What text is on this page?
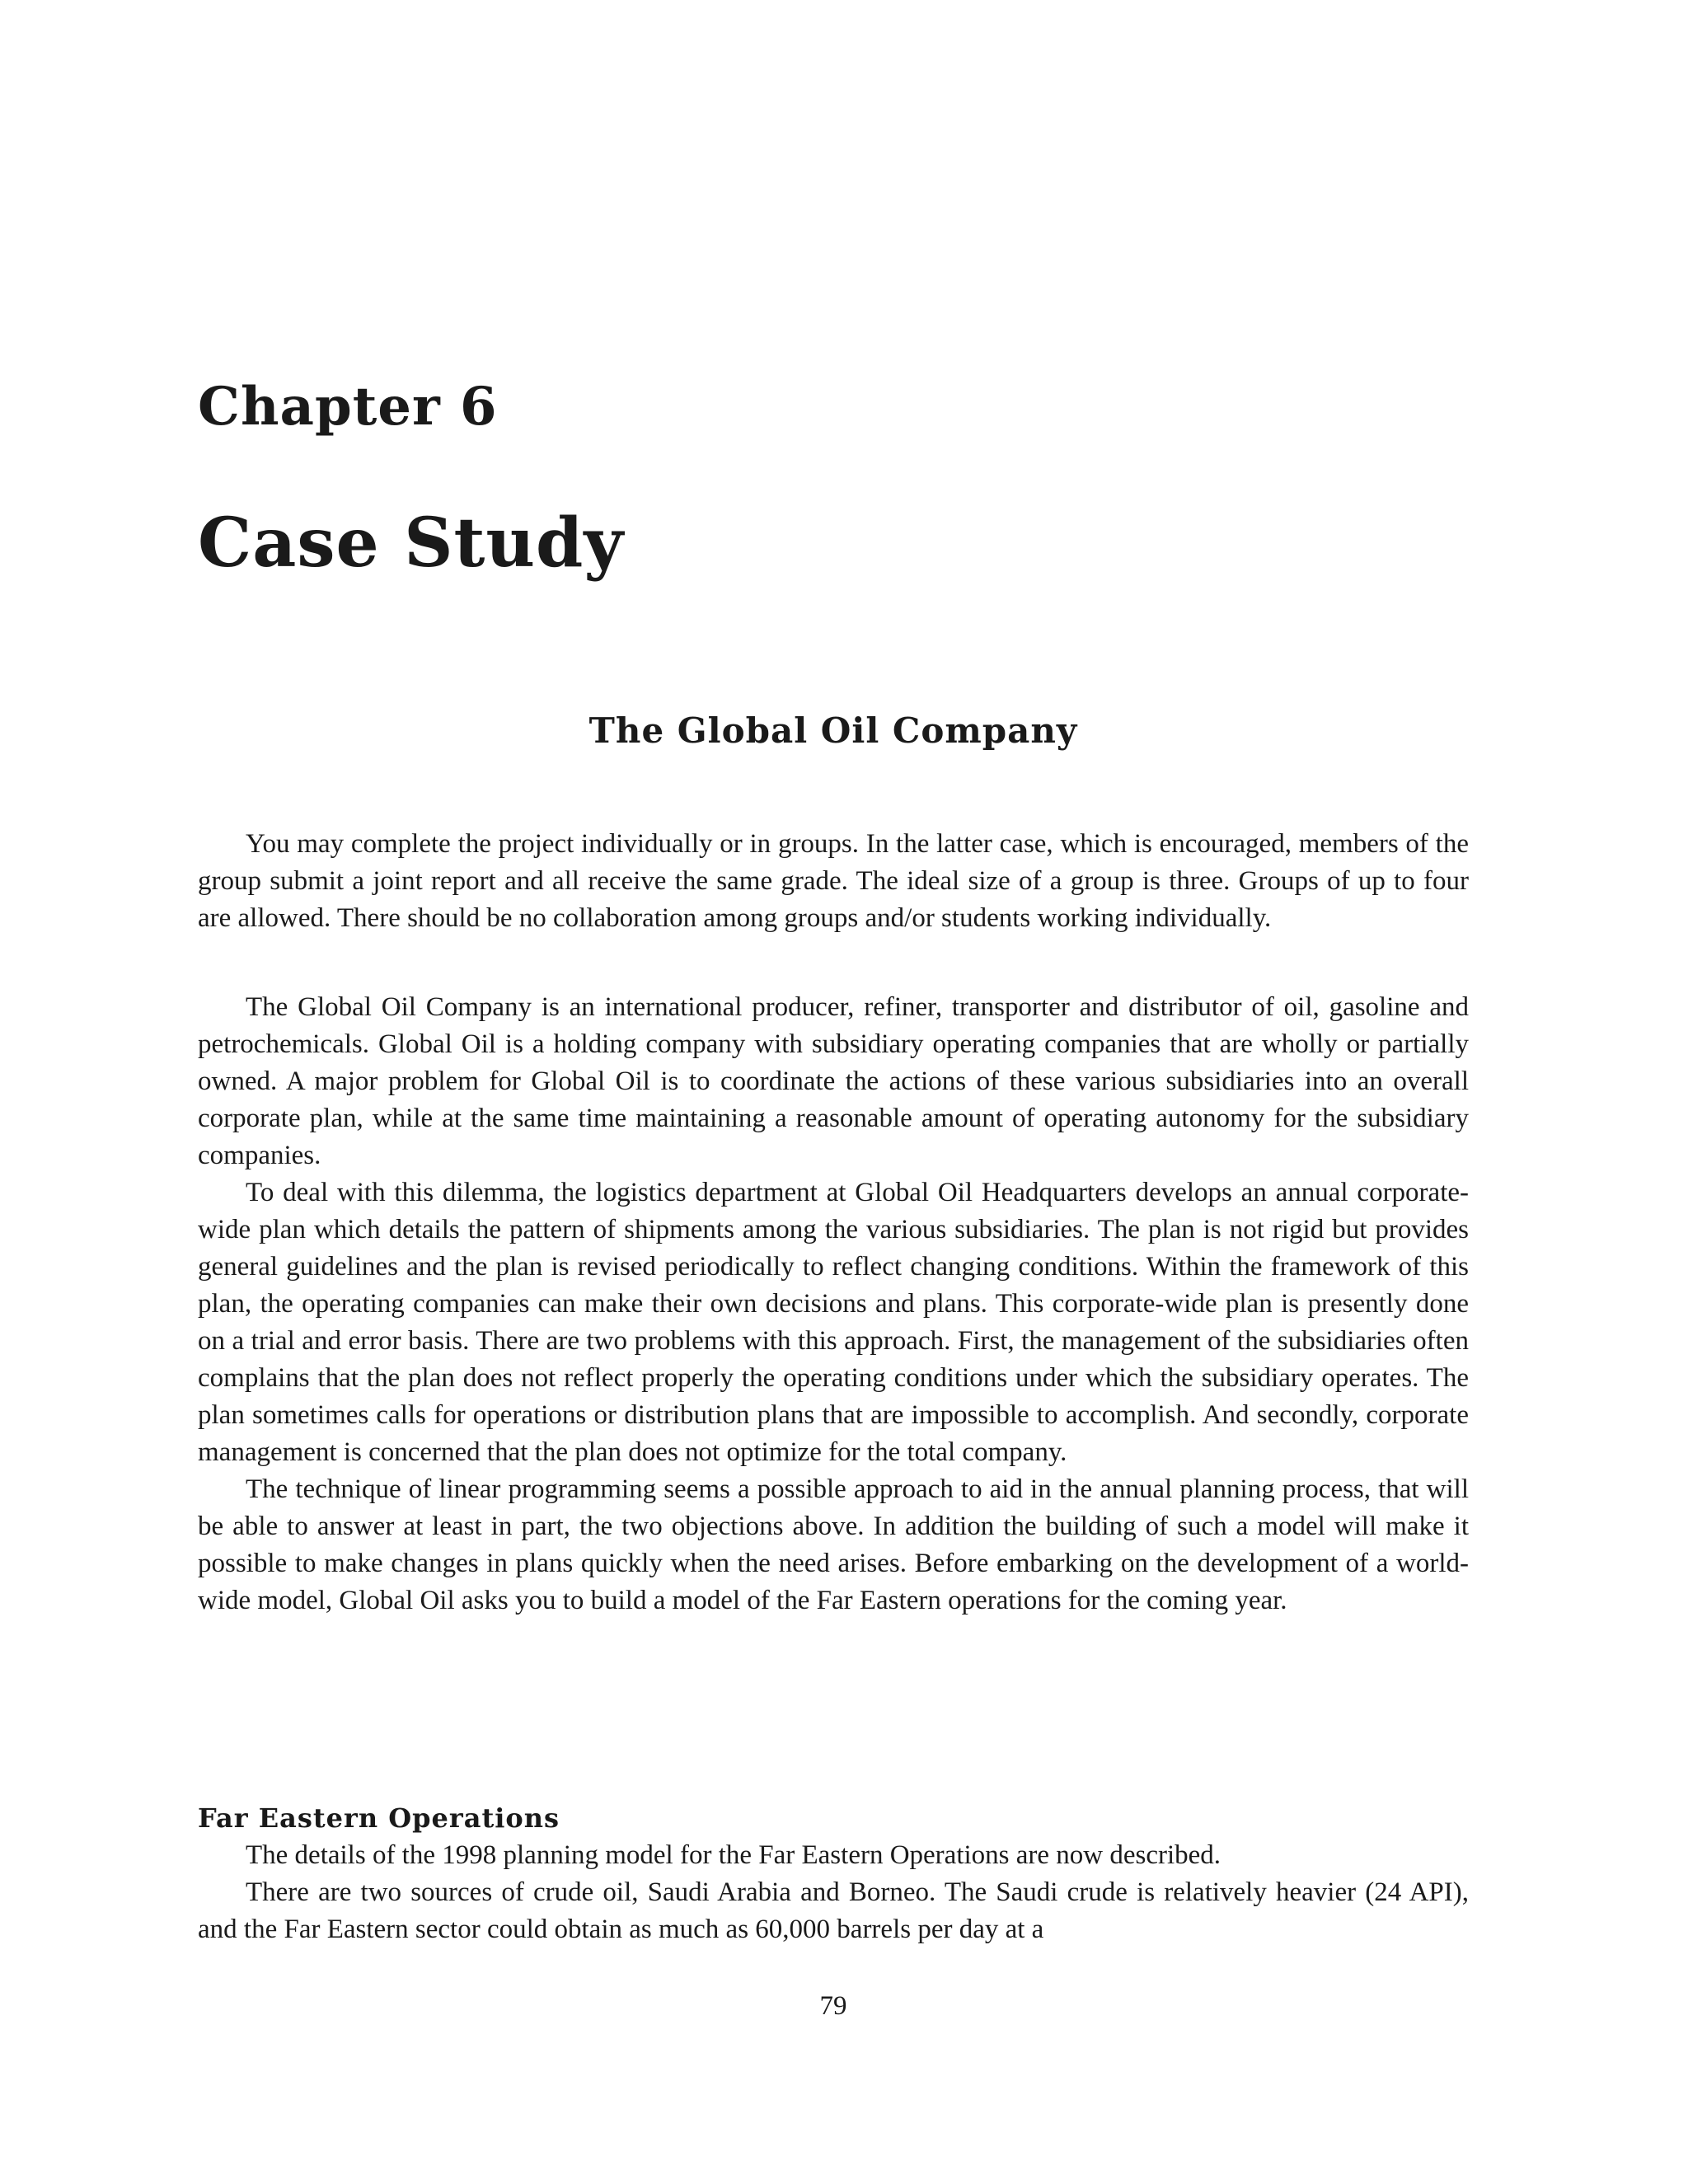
Chapter 6
Case Study
The Global Oil Company

You may complete the project individually or in groups. In the latter case, which is encouraged, members of the group submit a joint report and all receive the same grade. The ideal size of a group is three. Groups of up to four are allowed. There should be no collaboration among groups and/or students working individually.

The Global Oil Company is an international producer, refiner, transporter and distributor of oil, gasoline and petrochemicals. Global Oil is a holding company with subsidiary operating companies that are wholly or partially owned. A major problem for Global Oil is to coordinate the actions of these various subsidiaries into an overall corporate plan, while at the same time maintaining a reasonable amount of operating autonomy for the subsidiary companies.

To deal with this dilemma, the logistics department at Global Oil Headquarters develops an annual corporate-wide plan which details the pattern of shipments among the various subsidiaries. The plan is not rigid but provides general guidelines and the plan is revised periodically to reflect changing conditions. Within the framework of this plan, the operating companies can make their own decisions and plans. This corporate-wide plan is presently done on a trial and error basis. There are two problems with this approach. First, the management of the subsidiaries often complains that the plan does not reflect properly the operating conditions under which the subsidiary operates. The plan sometimes calls for operations or distribution plans that are impossible to accomplish. And secondly, corporate management is concerned that the plan does not optimize for the total company.

The technique of linear programming seems a possible approach to aid in the annual planning process, that will be able to answer at least in part, the two objections above. In addition the building of such a model will make it possible to make changes in plans quickly when the need arises. Before embarking on the development of a world-wide model, Global Oil asks you to build a model of the Far Eastern operations for the coming year.

Far Eastern Operations

The details of the 1998 planning model for the Far Eastern Operations are now described.

There are two sources of crude oil, Saudi Arabia and Borneo. The Saudi crude is relatively heavier (24 API), and the Far Eastern sector could obtain as much as 60,000 barrels per day at a

79
